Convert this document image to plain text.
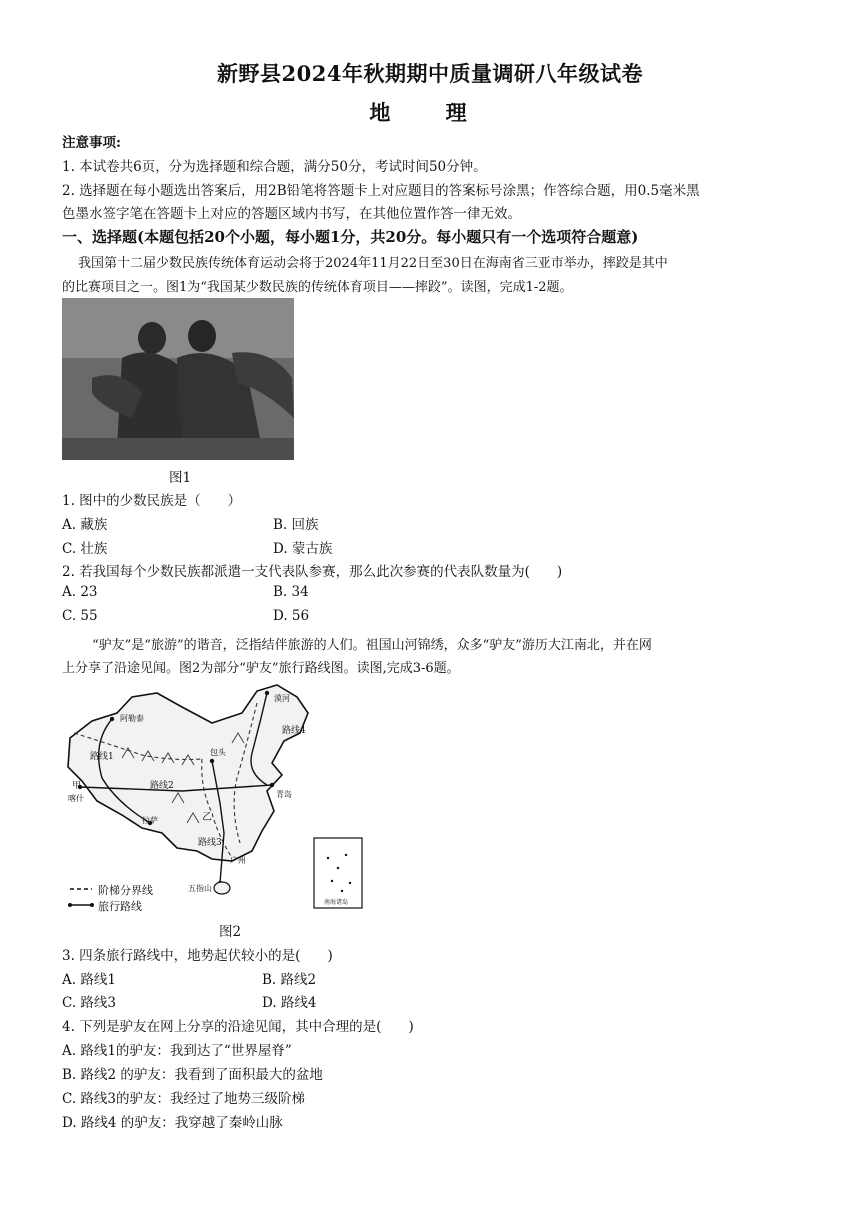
新野县2024年秋期期中质量调研八年级试卷
地 理
注意事项:
1. 本试卷共6页，分为选择题和综合题，满分50分，考试时间50分钟。
2. 选择题在每小题选出答案后，用2B铅笔将答题卡上对应题目的答案标号涂黑；作答综合题，用0.5毫米黑
色墨水签字笔在答题卡上对应的答题区域内书写，在其他位置作答一律无效。
一、选择题(本题包括20个小题，每小题1分，共20分。每小题只有一个选项符合题意)
我国第十二届少数民族传统体育运动会将于2024年11月22日至30日在海南省三亚市举办，摔跤是其中
的比赛项目之一。图1为“我国某少数民族的传统体育项目——摔跤”。读图，完成1-2题。
图1
1. 图中的少数民族是（　　）
A. 藏族	B. 回族
C. 壮族	D. 蒙古族
2. 若我国每个少数民族都派遣一支代表队参赛，那么此次参赛的代表队数量为(　　)
A. 23	B. 34
C. 55	D. 56
“驴友”是“旅游”的谐音，泛指结伴旅游的人们。祖国山河锦绣，众多“驴友”游历大江南北，并在网
上分享了沿途见闻。图2为部分“驴友”旅行路线图。读图,完成3-6题。
漠河
路线4
阿勒泰
路线1
路线2
甲
喀什
包头
青岛
乙
拉萨
路线3
广州
五指山
南海诸岛
阶梯分界线
旅行路线
图2
3. 四条旅行路线中，地势起伏较小的是(　　)
A. 路线1	B. 路线2
C. 路线3	D. 路线4
4. 下列是驴友在网上分享的沿途见闻，其中合理的是(　　)
A. 路线1的驴友：我到达了“世界屋脊”
B. 路线2 的驴友：我看到了面积最大的盆地
C. 路线3的驴友：我经过了地势三级阶梯
D. 路线4 的驴友：我穿越了秦岭山脉
